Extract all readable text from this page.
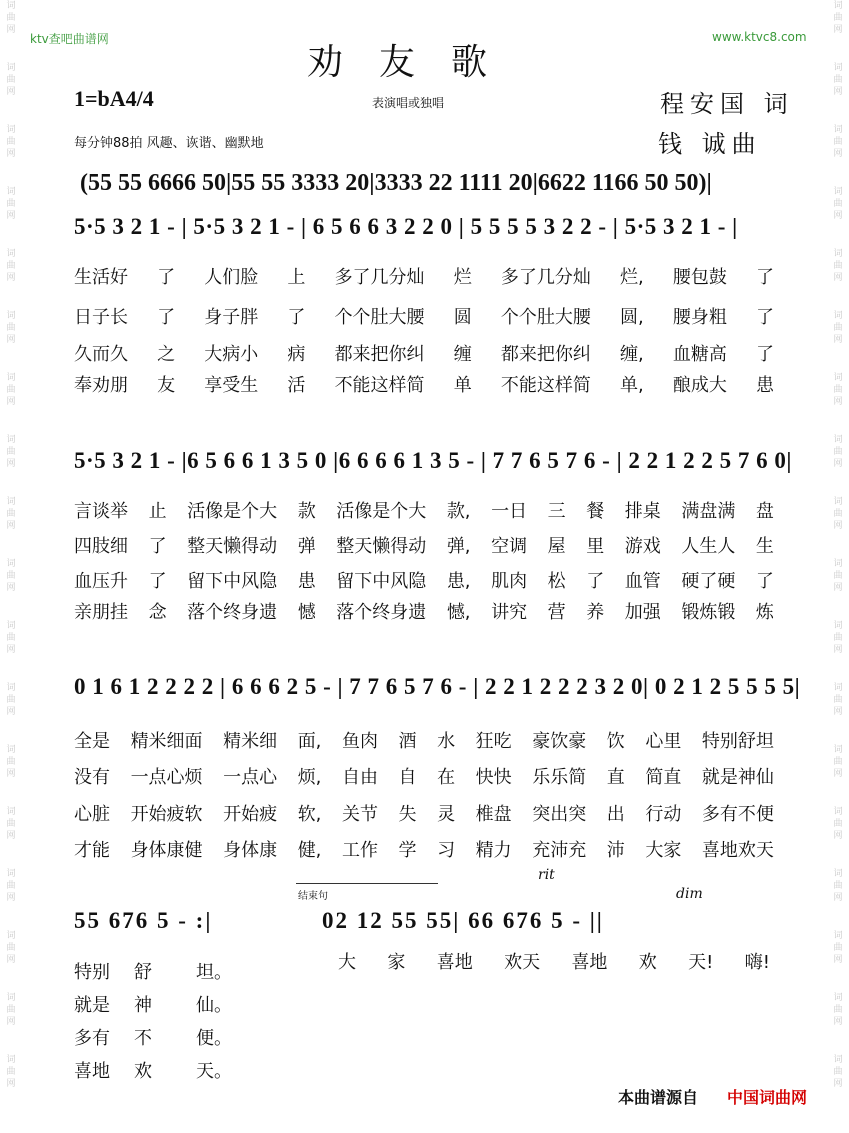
词
曲
网
词
曲
网
词
曲
网
词
曲
网
词
曲
网
词
曲
网
词
曲
网
词
曲
网
词
曲
网
词
曲
网
词
曲
网
词
曲
网
词
曲
网
词
曲
网
词
曲
网
词
曲
网
词
曲
网
词
曲
网
词
曲
网
词
曲
网
词
曲
网
词
曲
网
词
曲
网
词
曲
网
词
曲
网
词
曲
网
词
曲
网
词
曲
网
词
曲
网
词
曲
网
词
曲
网
词
曲
网
词
曲
网
词
曲
网
词
曲
网
词
曲
网
ktv查吧曲谱网	www.ktvc8.com
劝友歌
1=bA4/4	表演唱或独唱	程安国 词
每分钟88拍 风趣、诙谐、幽默地	钱 诚曲
(55 55 6666 50|55 55 3333 20|3333 22 1111 20|6622 1166 50 50)|
5·5 3 2 1 - | 5·5 3 2 1 - | 6 5 6 6 3 2 2 0 | 5 5 5 5 3 2 2 - | 5·5 3 2 1 - |
生活好 了 人们脸 上 多了几分灿 烂 多了几分灿 烂, 腰包鼓 了
日子长 了 身子胖 了 个个肚大腰 圆 个个肚大腰 圆, 腰身粗 了
久而久 之 大病小 病 都来把你纠 缠 都来把你纠 缠, 血糖高 了
奉劝朋 友 享受生 活 不能这样简 单 不能这样简 单, 酿成大 患
5·5 3 2 1 - |6 5 6 6 1 3 5 0 |6 6 6 6 1 3 5 - | 7 7 6 5 7 6 - | 2 2 1 2 2 5 7 6 0|
言谈举 止 活像是个大 款 活像是个大 款, 一日 三 餐 排桌 满盘满 盘
四肢细 了 整天懒得动 弹 整天懒得动 弹, 空调 屋 里 游戏 人生人 生
血压升 了 留下中风隐 患 留下中风隐 患, 肌肉 松 了 血管 硬了硬 了
亲朋挂 念 落个终身遗 憾 落个终身遗 憾, 讲究 营 养 加强 锻炼锻 炼
0 1 6 1 2 2 2 2 | 6 6 6 2 5 - | 7 7 6 5 7 6 - | 2 2 1 2 2 2 3 2 0| 0 2 1 2 5 5 5 5|
全是 精米细面 精米细 面, 鱼肉 酒 水 狂吃 豪饮豪 饮 心里 特别舒坦
没有 一点心烦 一点心 烦, 自由 自 在 快快 乐乐简 直 简直 就是神仙
心脏 开始疲软 开始疲 软, 关节 失 灵 椎盘 突出突 出 行动 多有不便
才能 身体康健 身体康 健, 工作 学 习 精力 充沛充 沛 大家 喜地欢天
结束句
rit
dim
55 676 5 - :|	02 12 55 55| 66 676 5 - ||
大 家 喜地 欢天 喜地 欢 天! 嗨!
特别	舒	坦。
就是	神	仙。
多有	不	便。
喜地	欢	天。
本曲谱源自 中国词曲网
